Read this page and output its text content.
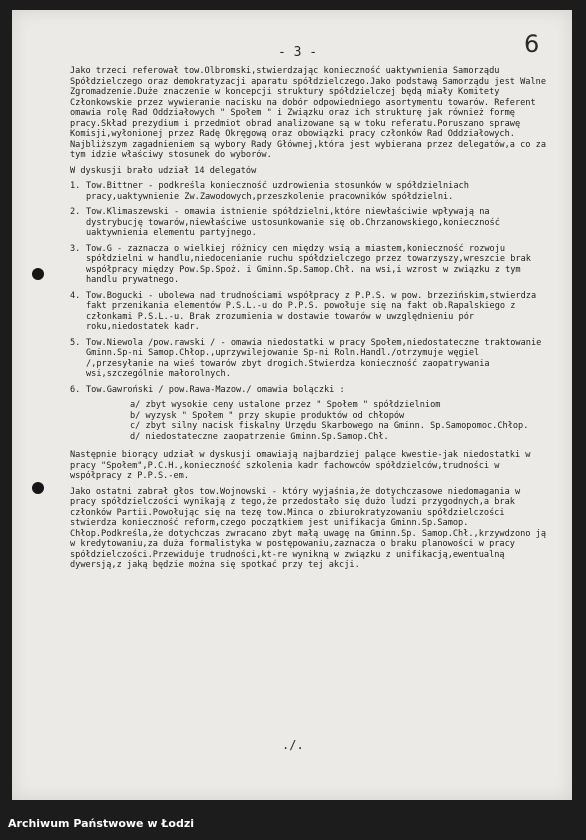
- 3 -	6

Jako trzeci referował tow.Olbromski,stwierdzając konieczność uaktywnienia Samorządu Spółdzielczego oraz demokratyzacji aparatu spółdzielczego.Jako podstawą Samorządu jest Walne Zgromadzenie.Duże znaczenie w koncepcji struktury spółdzielczej będą miały Komitety Członkowskie przez wywieranie nacisku na dobór odpowiedniego asortymentu towarów. Referent omawia rolę Rad Oddziałowych " Społem " i Związku oraz ich strukturę jak również formę pracy.Skład prezydium i przedmiot obrad analizowane są w toku referatu.Poruszano sprawę Komisji,wyłonionej przez Radę Okręgową oraz obowiązki pracy członków Rad Oddziałowych. Najbliższym zagadnieniem są wybory Rady Głównej,która jest wybierana przez delegatów,a co za tym idzie właściwy stosunek do wyborów.

W dyskusji brało udział 14 delegatów

1. Tow.Bittner - podkreśla konieczność uzdrowienia stosunków w spółdzielniach pracy,uaktywnienie Zw.Zawodowych,przeszkolenie pracowników spółdzielni.
2. Tow.Klimaszewski - omawia istnienie spółdzielni,które niewłaściwie wpływają na dystrybucję towarów,niewłaściwe ustosunkowanie się ob.Chrzanowskiego,konieczność uaktywnienia elementu partyjnego.
3. Tow.G - zaznacza o wielkiej różnicy cen między wsią a miastem,konieczność rozwoju spółdzielni w handlu,niedocenianie ruchu spółdzielczego przez towarzyszy,wreszcie brak współpracy między Pow.Sp.Spoż. i Gminn.Sp.Samop.Chł. na wsi,i wzrost w związku z tym handlu prywatnego.
4. Tow.Bogucki - ubolewa nad trudnościami współpracy z P.P.S. w pow. brzezińskim,stwierdza fakt przenikania elementów P.S.L.-u do P.P.S. powołuje się na fakt ob.Rapalskiego z członkami P.S.L.-u. Brak zrozumienia w dostawie towarów w uwzględnieniu pór roku,niedostatek kadr.
5. Tow.Niewola /pow.rawski / - omawia niedostatki w pracy Społem,niedostateczne traktowanie Gminn.Sp-ni Samop.Chłop.,uprzywilejowanie Sp-ni Roln.Handl./otrzymuje węgiel /,przesyłanie na wieś towarów zbyt drogich.Stwierdza konieczność zaopatrywania wsi,szczególnie małorolnych.
6. Tow.Gawroński / pow.Rawa-Mazow./ omawia bolączki :

a/ zbyt wysokie ceny ustalone przez " Społem " spółdzielniom

b/ wyzysk " Społem " przy skupie produktów od chłopów

c/ zbyt silny nacisk fiskalny Urzędu Skarbowego na Gminn. Sp.Samopomoc.Chłop.

d/ niedostateczne zaopatrzenie Gminn.Sp.Samop.Chł.

Następnie biorący udział w dyskusji omawiają najbardziej palące kwestie-jak niedostatki w pracy "Społem",P.C.H.,konieczność szkolenia kadr fachowców spółdzielców,trudności w współpracy z P.P.S.-em.

Jako ostatni zabrał głos tow.Wojnowski - który wyjaśnia,że dotychczasowe niedomagania w pracy spółdzielczości wynikają z tego,że przedostało się dużo ludzi przygodnych,a brak członków Partii.Powołując się na tezę tow.Minca o zbiurokratyzowaniu spółdzielczości stwierdza konieczność reform,czego początkiem jest unifikacja Gminn.Sp.Samop. Chłop.Podkreśla,że dotychczas zwracano zbyt małą uwagę na Gminn.Sp. Samop.Chł.,krzywdzono ją w kredytowaniu,za duża formalistyka w postępowaniu,zaznacza o braku planowości w pracy spółdzielczości.Przewiduje trudności,kt-re wynikną w związku z unifikacją,ewentualną dywersją,z jaką będzie można się spotkać przy tej akcji.

./.
Archiwum Państwowe w Łodzi
